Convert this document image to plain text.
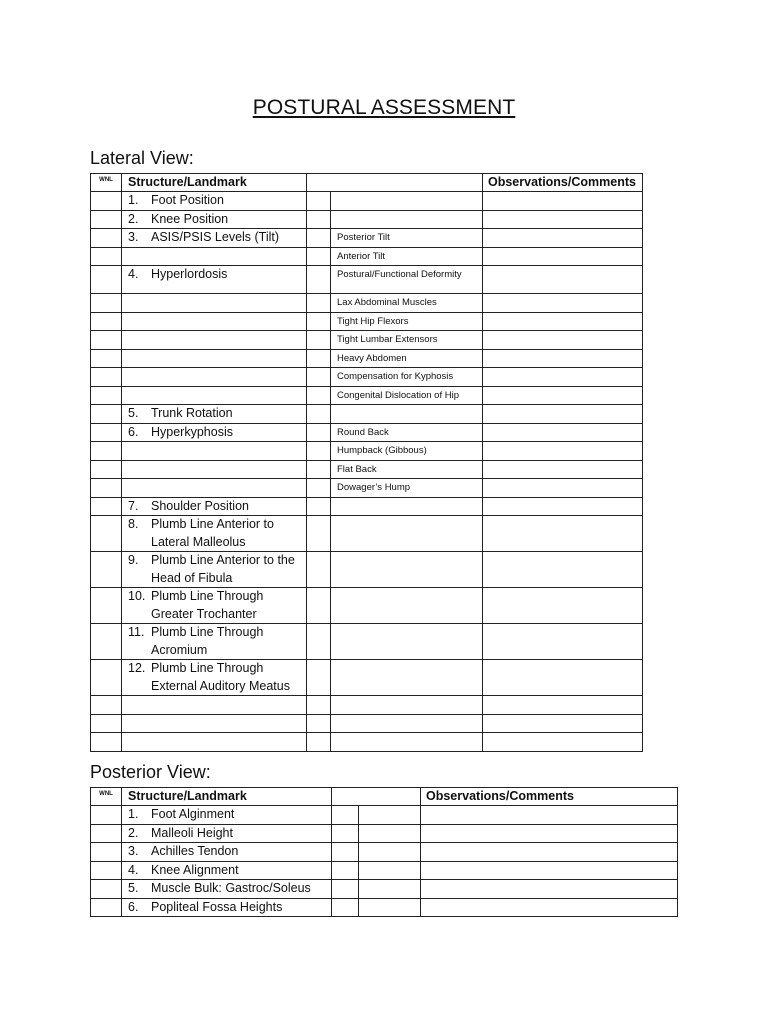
POSTURAL ASSESSMENT
Lateral View:
WNL	Structure/Landmark			Observations/Comments
	1. Foot Position			
	2. Knee Position			
	3. ASIS/PSIS Levels (Tilt)		Posterior Tilt	
			Anterior Tilt	
	4. Hyperlordosis		Postural/Functional Deformity	
			Lax Abdominal Muscles	
			Tight Hip Flexors	
			Tight Lumbar Extensors	
			Heavy Abdomen	
			Compensation for Kyphosis	
			Congenital Dislocation of Hip	
	5. Trunk Rotation			
	6. Hyperkyphosis		Round Back	
			Humpback (Gibbous)	
			Flat Back	
			Dowager’s Hump	
	7. Shoulder Position			
	8. Plumb Line Anterior to Lateral Malleolus			
	9. Plumb Line Anterior to the Head of Fibula			
	10. Plumb Line Through Greater Trochanter			
	11. Plumb Line Through Acromium			
	12. Plumb Line Through External Auditory Meatus			

Posterior View:
WNL	Structure/Landmark			Observations/Comments
	1. Foot Alginment			
	2. Malleoli Height			
	3. Achilles Tendon			
	4. Knee Alignment			
	5. Muscle Bulk: Gastroc/Soleus			
	6. Popliteal Fossa Heights			
